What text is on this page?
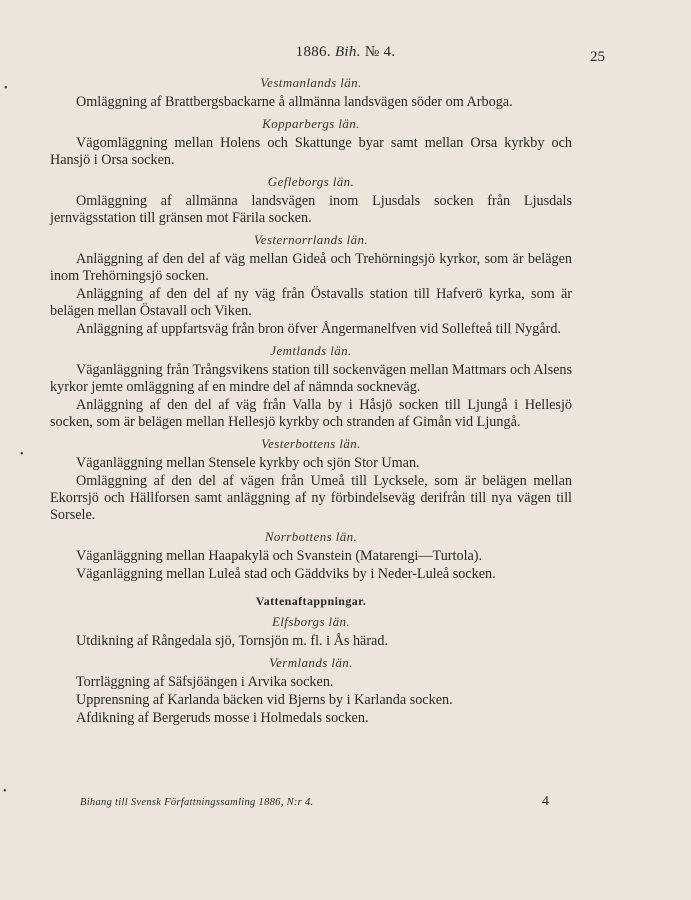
1886. Bih. № 4.	25
•
•
•
Vestmanlands län.

Omläggning af Brattbergsbackarne å allmänna landsvägen söder om Arboga.

Kopparbergs län.

Vägomläggning mellan Holens och Skattunge byar samt mellan Orsa kyrkby och Hansjö i Orsa socken.

Gefleborgs län.

Omläggning af allmänna landsvägen inom Ljusdals socken från Ljusdals jernvägsstation till gränsen mot Färila socken.

Vesternorrlands län.

Anläggning af den del af väg mellan Gideå och Trehörningsjö kyrkor, som är belägen inom Trehörningsjö socken.

Anläggning af den del af ny väg från Östavalls station till Hafverö kyrka, som är belägen mellan Östavall och Viken.

Anläggning af uppfartsväg från bron öfver Ångermanelfven vid Sollefteå till Nygård.

Jemtlands län.

Väganläggning från Trångsvikens station till sockenvägen mellan Mattmars och Alsens kyrkor jemte omläggning af en mindre del af nämnda sockneväg.

Anläggning af den del af väg från Valla by i Håsjö socken till Ljungå i Hellesjö socken, som är belägen mellan Hellesjö kyrkby och stranden af Gimån vid Ljungå.

Vesterbottens län.

Väganläggning mellan Stensele kyrkby och sjön Stor Uman.

Omläggning af den del af vägen från Umeå till Lycksele, som är belägen mellan Ekorrsjö och Hällforsen samt anläggning af ny förbindelseväg derifrån till nya vägen till Sorsele.

Norrbottens län.

Väganläggning mellan Haapakylä och Svanstein (Matarengi—Turtola).

Väganläggning mellan Luleå stad och Gäddviks by i Neder-Luleå socken.

Vattenaftappningar.
Elfsborgs län.

Utdikning af Rångedala sjö, Tornsjön m. fl. i Ås härad.

Vermlands län.

Torrläggning af Säfsjöängen i Arvika socken.

Upprensning af Karlanda bäcken vid Bjerns by i Karlanda socken.

Afdikning af Bergeruds mosse i Holmedals socken.

Bihang till Svensk Författningssamling 1886, N:r 4.	4
